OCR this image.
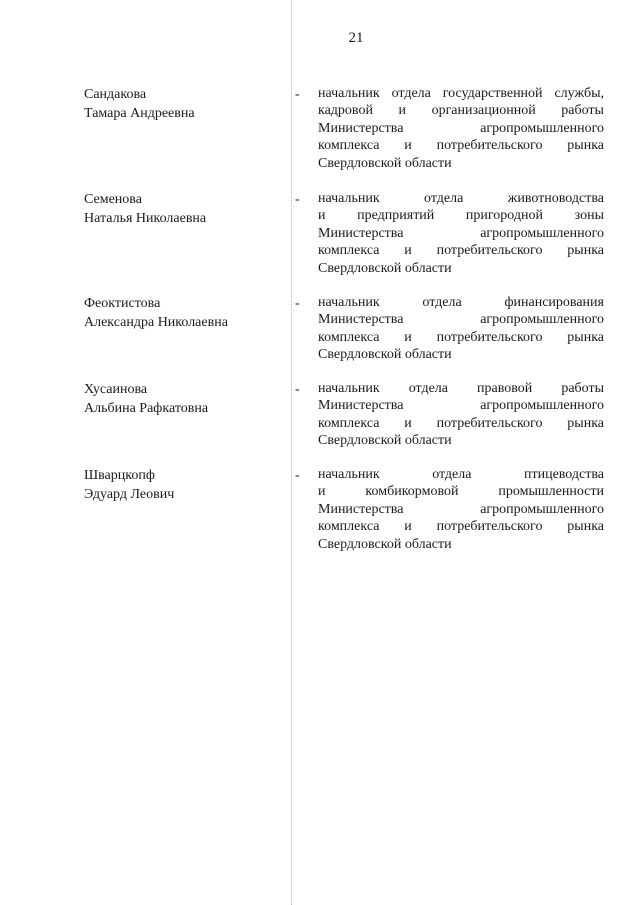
21
Сандакова
Тамара Андреевна
- начальник отдела государственной службы,
кадровой и организационной работы
Министерства	агропромышленного
комплекса и потребительского рынка
Свердловской области
Семенова
Наталья Николаевна
- начальник	отдела	животноводства
и предприятий пригородной зоны
Министерства	агропромышленного
комплекса и потребительского рынка
Свердловской области
Феоктистова
Александра Николаевна
- начальник	отдела	финансирования
Министерства	агропромышленного
комплекса и потребительского рынка
Свердловской области
Хусаинова
Альбина Рафкатовна
- начальник отдела правовой работы
Министерства	агропромышленного
комплекса и потребительского рынка
Свердловской области
Шварцкопф
Эдуард Леович
- начальник	отдела	птицеводства
и	комбикормовой	промышленности
Министерства	агропромышленного
комплекса и потребительского рынка
Свердловской области
